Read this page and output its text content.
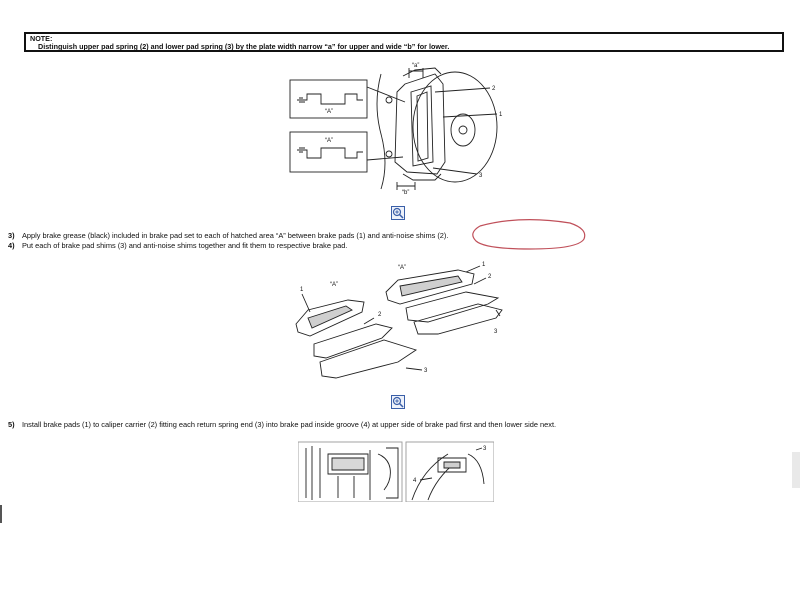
NOTE:
Distinguish upper pad spring (2) and lower pad spring (3) by the plate width narrow “a” for upper and wide “b” for lower.
“A”
“A”
“a”
“b”
2
1
3
3) Apply brake grease (black) included in brake pad set to each of hatched area “A” between brake pads (1) and anti-noise shims (2).
4) Put each of brake pad shims (3) and anti-noise shims together and fit them to respective brake pad.
“A”
“A”
1
2
3
1
2
3
5) Install brake pads (1) to caliper carrier (2) fitting each return spring end (3) into brake pad inside groove (4) at upper side of brake pad first and then lower side next.
3
4
